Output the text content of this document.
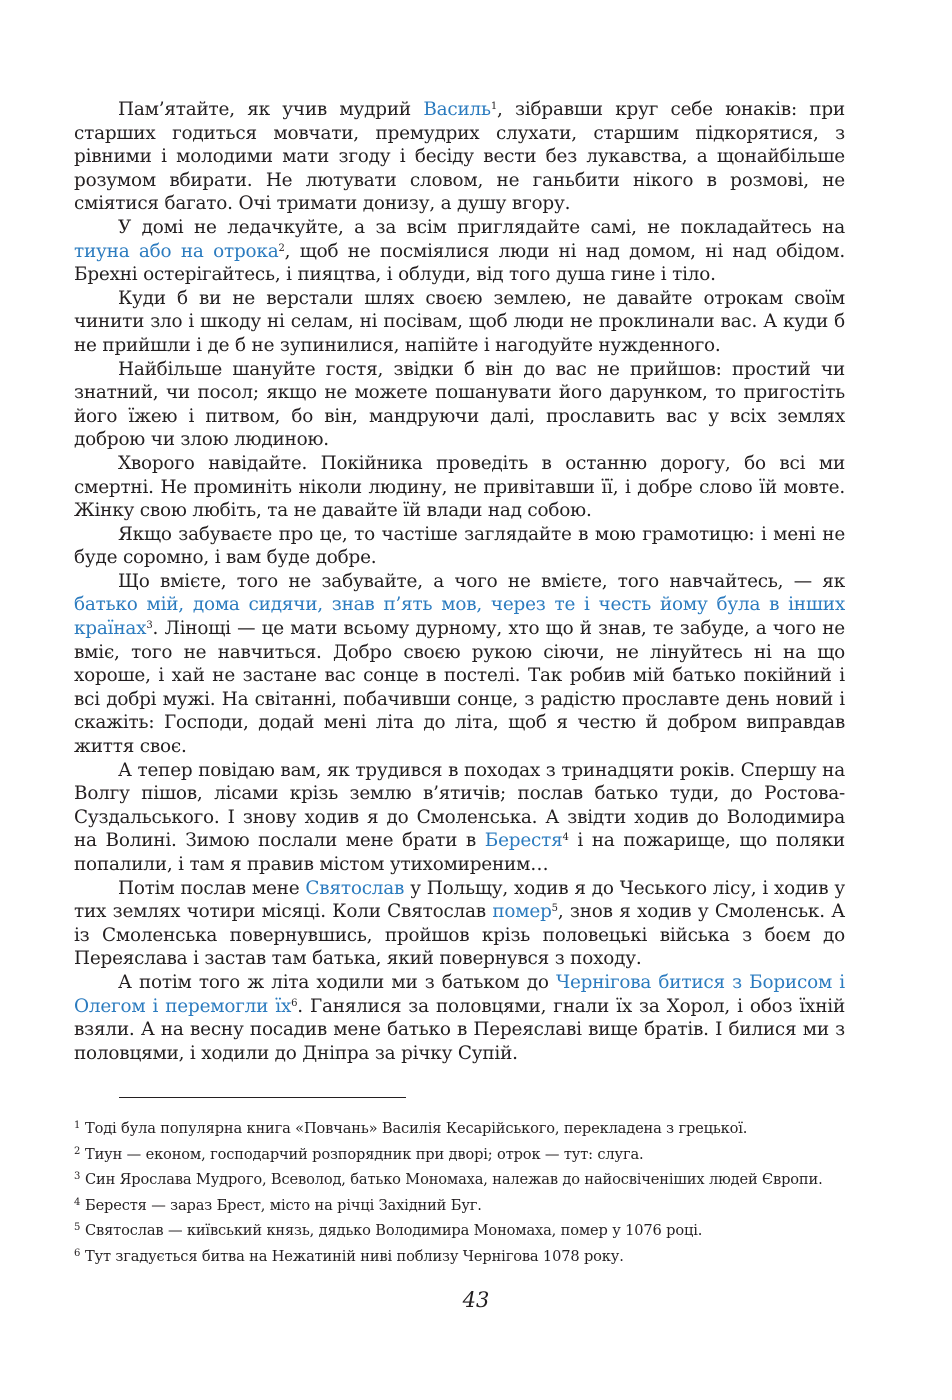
Пам’ятайте, як учив мудрий Василь$^1$, зібравши круг себе юнаків: при старших годиться мовчати, премудрих слухати, старшим підкорятися, з рівними і молодими мати згоду і бесіду вести без лукавства, а щонайбільше розумом вбирати. Не лютувати словом, не ганьбити нікого в розмові, не сміятися багато. Очі тримати донизу, а душу вгору.

У домі не ледачкуйте, а за всім приглядайте самі, не покладайтесь на тиуна або на отрока$^2$, щоб не посміялися люди ні над домом, ні над обідом. Брехні остерігайтесь, і пияцтва, і облуди, від того душа гине і тіло.

Куди б ви не верстали шлях своєю землею, не давайте отрокам своїм чинити зло і шкоду ні селам, ні посівам, щоб люди не проклинали вас. А куди б не прийшли і де б не зупинилися, напійте і нагодуйте нужденного.

Найбільше шануйте гостя, звідки б він до вас не прийшов: простий чи знатний, чи посол; якщо не можете пошанувати його дарунком, то пригостіть його їжею і питвом, бо він, мандруючи далі, прославить вас у всіх землях доброю чи злою людиною.

Хворого навідайте. Покійника проведіть в останню дорогу, бо всі ми смертні. Не проминіть ніколи людину, не привітавши її, і добре слово їй мовте. Жінку свою любіть, та не давайте їй влади над собою.

Якщо забуваєте про це, то частіше заглядайте в мою грамотицю: і мені не буде соромно, і вам буде добре.

Що вмієте, того не забувайте, а чого не вмієте, того навчайтесь, — як батько мій, дома сидячи, знав п’ять мов, через те і честь йому була в інших країнах$^3$. Лінощі — це мати всьому дурному, хто що й знав, те забуде, а чого не вміє, того не навчиться. Добро своєю рукою сіючи, не лінуйтесь ні на що хороше, і хай не застане вас сонце в постелі. Так робив мій батько покійний і всі добрі мужі. На світанні, побачивши сонце, з радістю прославте день новий і скажіть: Господи, додай мені літа до літа, щоб я честю й добром виправдав життя своє.

А тепер повідаю вам, як трудився в походах з тринадцяти років. Спершу на Волгу пішов, лісами крізь землю в’ятичів; послав батько туди, до Ростова-Суздальського. І знову ходив я до Смоленська. А звідти ходив до Володимира на Волині. Зимою послали мене брати в Берестя$^4$ і на пожарище, що поляки попалили, і там я правив містом утихомиреним…

Потім послав мене Святослав у Польщу, ходив я до Чеського лісу, і ходив у тих землях чотири місяці. Коли Святослав помер$^5$, знов я ходив у Смоленськ. А із Смоленська повернувшись, пройшов крізь половецькі війська з боєм до Переяслава і застав там батька, який повернувся з походу.

А потім того ж літа ходили ми з батьком до Чернігова битися з Борисом і Олегом і перемогли $їх^6$. Ганялися за половцями, гнали їх за Хорол, і обоз їхній взяли. А на весну посадив мене батько в Переяславі вище братів. І билися ми з половцями, і ходили до Дніпра за річку Супій.

1 Тоді була популярна книга «Повчань» Василія Кесарійського, перекладена з грецької.
2 Тиун — економ, господарчий розпорядник при дворі; отрок — тут: слуга.
3 Син Ярослава Мудрого, Всеволод, батько Мономаха, належав до найосвіченіших людей Європи.
4 Берестя — зараз Брест, місто на річці Західний Буг.
5 Святослав — київський князь, дядько Володимира Мономаха, помер у 1076 році.
6 Тут згадується битва на Нежатиній ниві поблизу Чернігова 1078 року.
43
